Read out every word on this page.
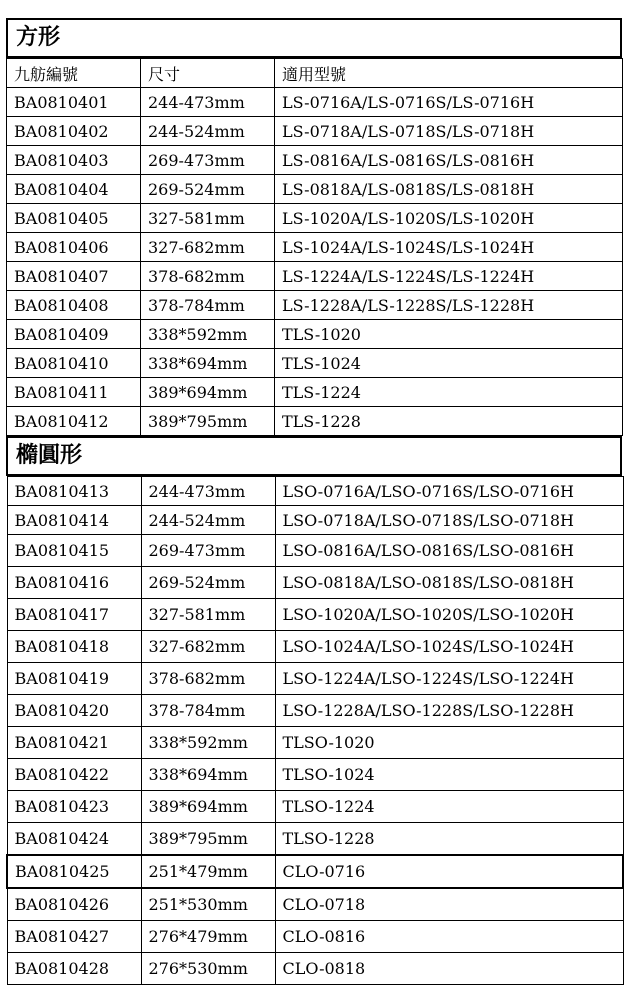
方形
九舫編號	尺寸	適用型號
BA0810401	244-473mm	LS-0716A/LS-0716S/LS-0716H
BA0810402	244-524mm	LS-0718A/LS-0718S/LS-0718H
BA0810403	269-473mm	LS-0816A/LS-0816S/LS-0816H
BA0810404	269-524mm	LS-0818A/LS-0818S/LS-0818H
BA0810405	327-581mm	LS-1020A/LS-1020S/LS-1020H
BA0810406	327-682mm	LS-1024A/LS-1024S/LS-1024H
BA0810407	378-682mm	LS-1224A/LS-1224S/LS-1224H
BA0810408	378-784mm	LS-1228A/LS-1228S/LS-1228H
BA0810409	338*592mm	TLS-1020
BA0810410	338*694mm	TLS-1024
BA0810411	389*694mm	TLS-1224
BA0810412	389*795mm	TLS-1228
橢圓形
BA0810413	244-473mm	LSO-0716A/LSO-0716S/LSO-0716H
BA0810414	244-524mm	LSO-0718A/LSO-0718S/LSO-0718H
BA0810415	269-473mm	LSO-0816A/LSO-0816S/LSO-0816H
BA0810416	269-524mm	LSO-0818A/LSO-0818S/LSO-0818H
BA0810417	327-581mm	LSO-1020A/LSO-1020S/LSO-1020H
BA0810418	327-682mm	LSO-1024A/LSO-1024S/LSO-1024H
BA0810419	378-682mm	LSO-1224A/LSO-1224S/LSO-1224H
BA0810420	378-784mm	LSO-1228A/LSO-1228S/LSO-1228H
BA0810421	338*592mm	TLSO-1020
BA0810422	338*694mm	TLSO-1024
BA0810423	389*694mm	TLSO-1224
BA0810424	389*795mm	TLSO-1228
BA0810425	251*479mm	CLO-0716
BA0810426	251*530mm	CLO-0718
BA0810427	276*479mm	CLO-0816
BA0810428	276*530mm	CLO-0818
